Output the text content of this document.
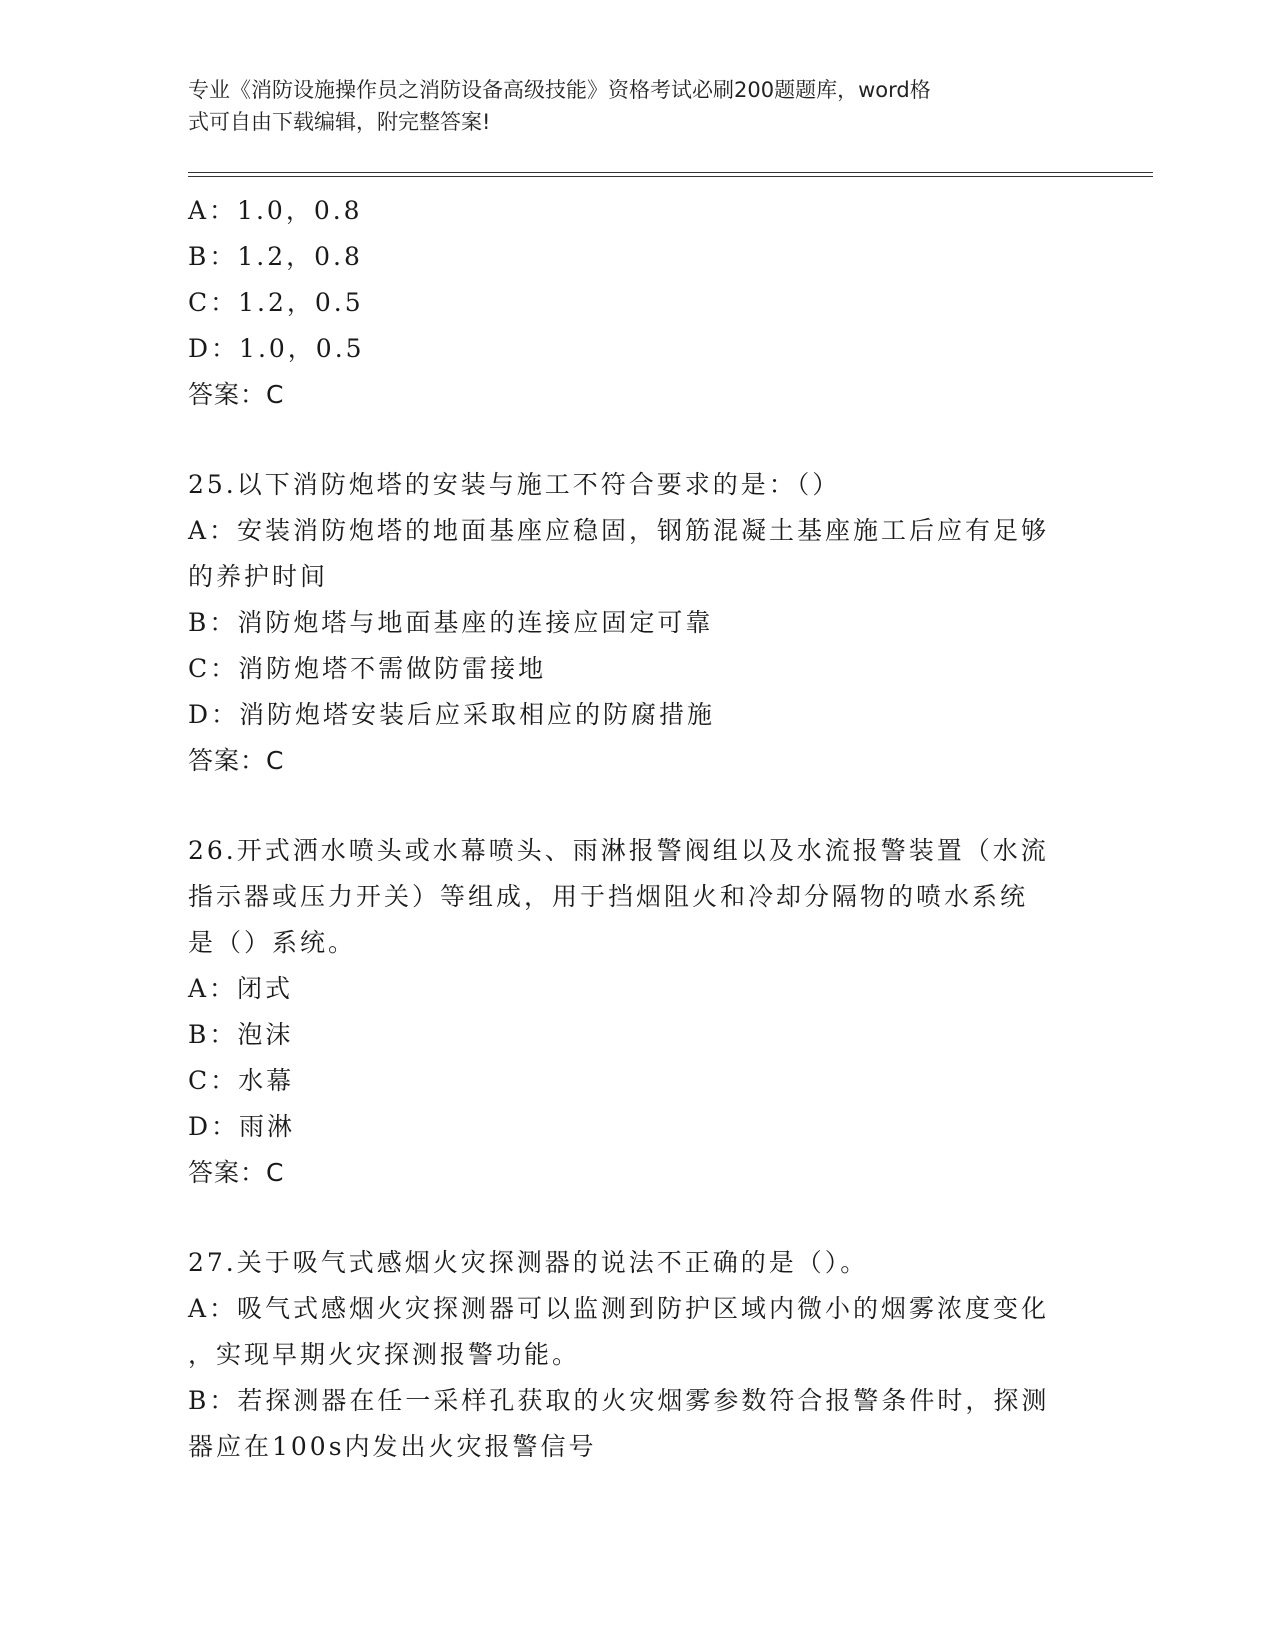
专业《消防设施操作员之消防设备高级技能》资格考试必刷200题题库，word格
式可自由下载编辑，附完整答案!
A：1.0，0.8
B：1.2，0.8
C：1.2，0.5
D：1.0，0.5
答案：C
25.以下消防炮塔的安装与施工不符合要求的是：（）
A：安装消防炮塔的地面基座应稳固，钢筋混凝土基座施工后应有足够
的养护时间
B：消防炮塔与地面基座的连接应固定可靠
C：消防炮塔不需做防雷接地
D：消防炮塔安装后应采取相应的防腐措施
答案：C
26.开式洒水喷头或水幕喷头、雨淋报警阀组以及水流报警装置（水流
指示器或压力开关）等组成，用于挡烟阻火和冷却分隔物的喷水系统
是（）系统。
A：闭式
B：泡沫
C：水幕
D：雨淋
答案：C
27.关于吸气式感烟火灾探测器的说法不正确的是（）。
A：吸气式感烟火灾探测器可以监测到防护区域内微小的烟雾浓度变化
，实现早期火灾探测报警功能。
B：若探测器在任一采样孔获取的火灾烟雾参数符合报警条件时，探测
器应在100s内发出火灾报警信号
